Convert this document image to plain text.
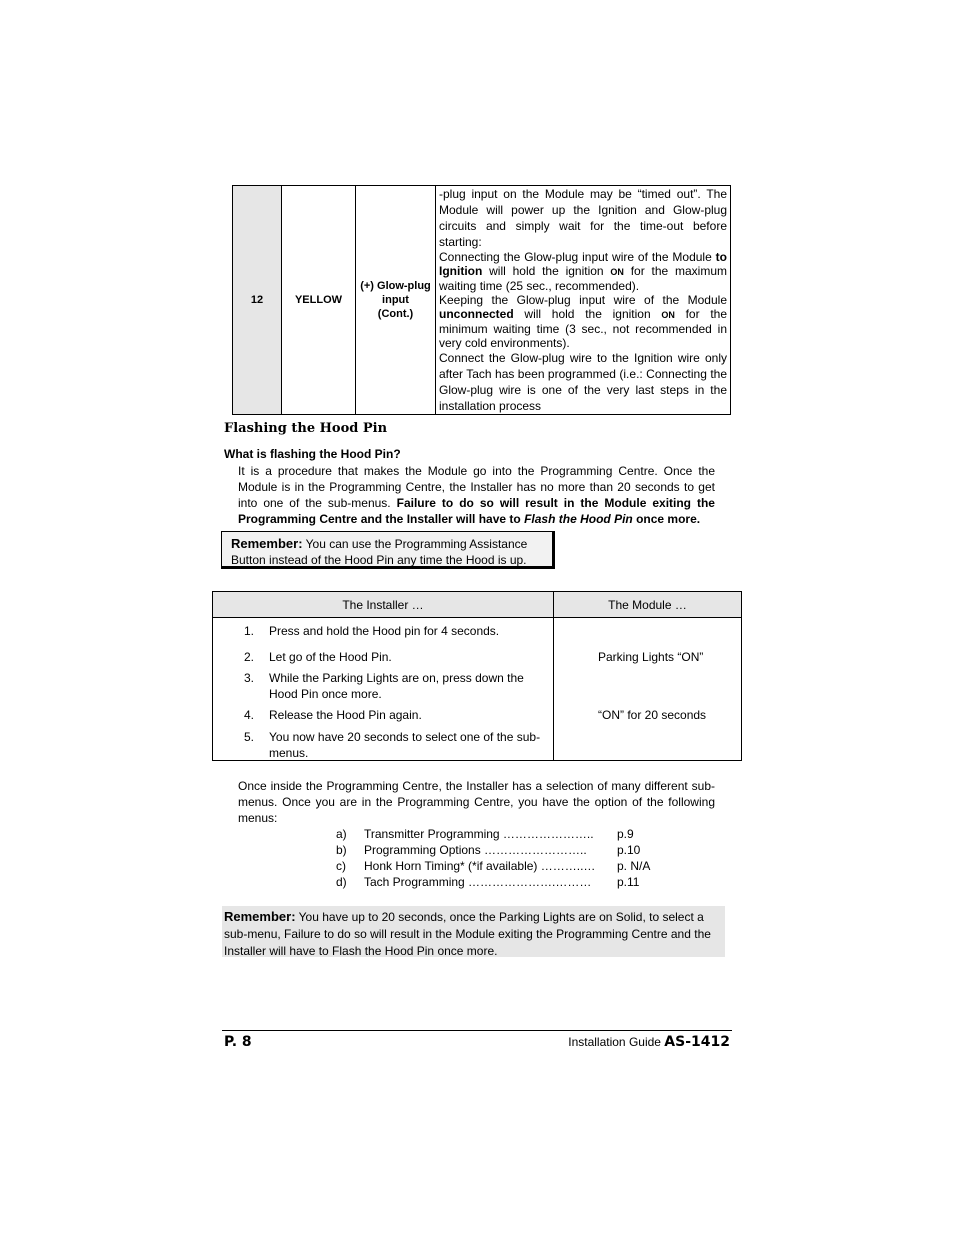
12	YELLOW	(+) Glow-plug
input
(Cont.)	

-plug input on the Module may be “timed out”. The Module will power up the Ignition and Glow-plug circuits and simply wait for the time-out before starting:

Connecting the Glow-plug input wire of the Module to Ignition will hold the ignition ON for the maximum waiting time (25 sec., recommended).

Keeping the Glow-plug input wire of the Module unconnected will hold the ignition ON for the minimum waiting time (3 sec., not recommended in very cold environments).

Connect the Glow-plug wire to the Ignition wire only after Tach has been programmed (i.e.: Connecting the Glow-plug wire is one of the very last steps in the installation process

Flashing the Hood Pin
What is flashing the Hood Pin?
It is a procedure that makes the Module go into the Programming Centre. Once the Module is in the Programming Centre, the Installer has no more than 20 seconds to get into one of the sub-menus. Failure to do so will result in the Module exiting the Programming Centre and the Installer will have to Flash the Hood Pin once more.
Remember: You can use the Programming Assistance Button instead of the Hood Pin any time the Hood is up.
The Installer …	The Module …
1. Press and hold the Hood pin for 4 seconds.
2. Let go of the Hood Pin.	Parking Lights “ON”
3. While the Parking Lights are on, press down the Hood Pin once more.
4. Release the Hood Pin again.	“ON” for 20 seconds
5. You now have 20 seconds to select one of the sub-menus.
Once inside the Programming Centre, the Installer has a selection of many different sub-menus. Once you are in the Programming Centre, you have the option of the following menus:
a) Transmitter Programming ………………….. p.9
b) Programming Options ……………………..	p.10
c) Honk Horn Timing* (*if available) ………..… p. N/A
d) Tach Programming ………………….……… p.11
Remember: You have up to 20 seconds, once the Parking Lights are on Solid, to select a sub-menu, Failure to do so will result in the Module exiting the Programming Centre and the Installer will have to Flash the Hood Pin once more.
P. 8	Installation Guide AS-1412
